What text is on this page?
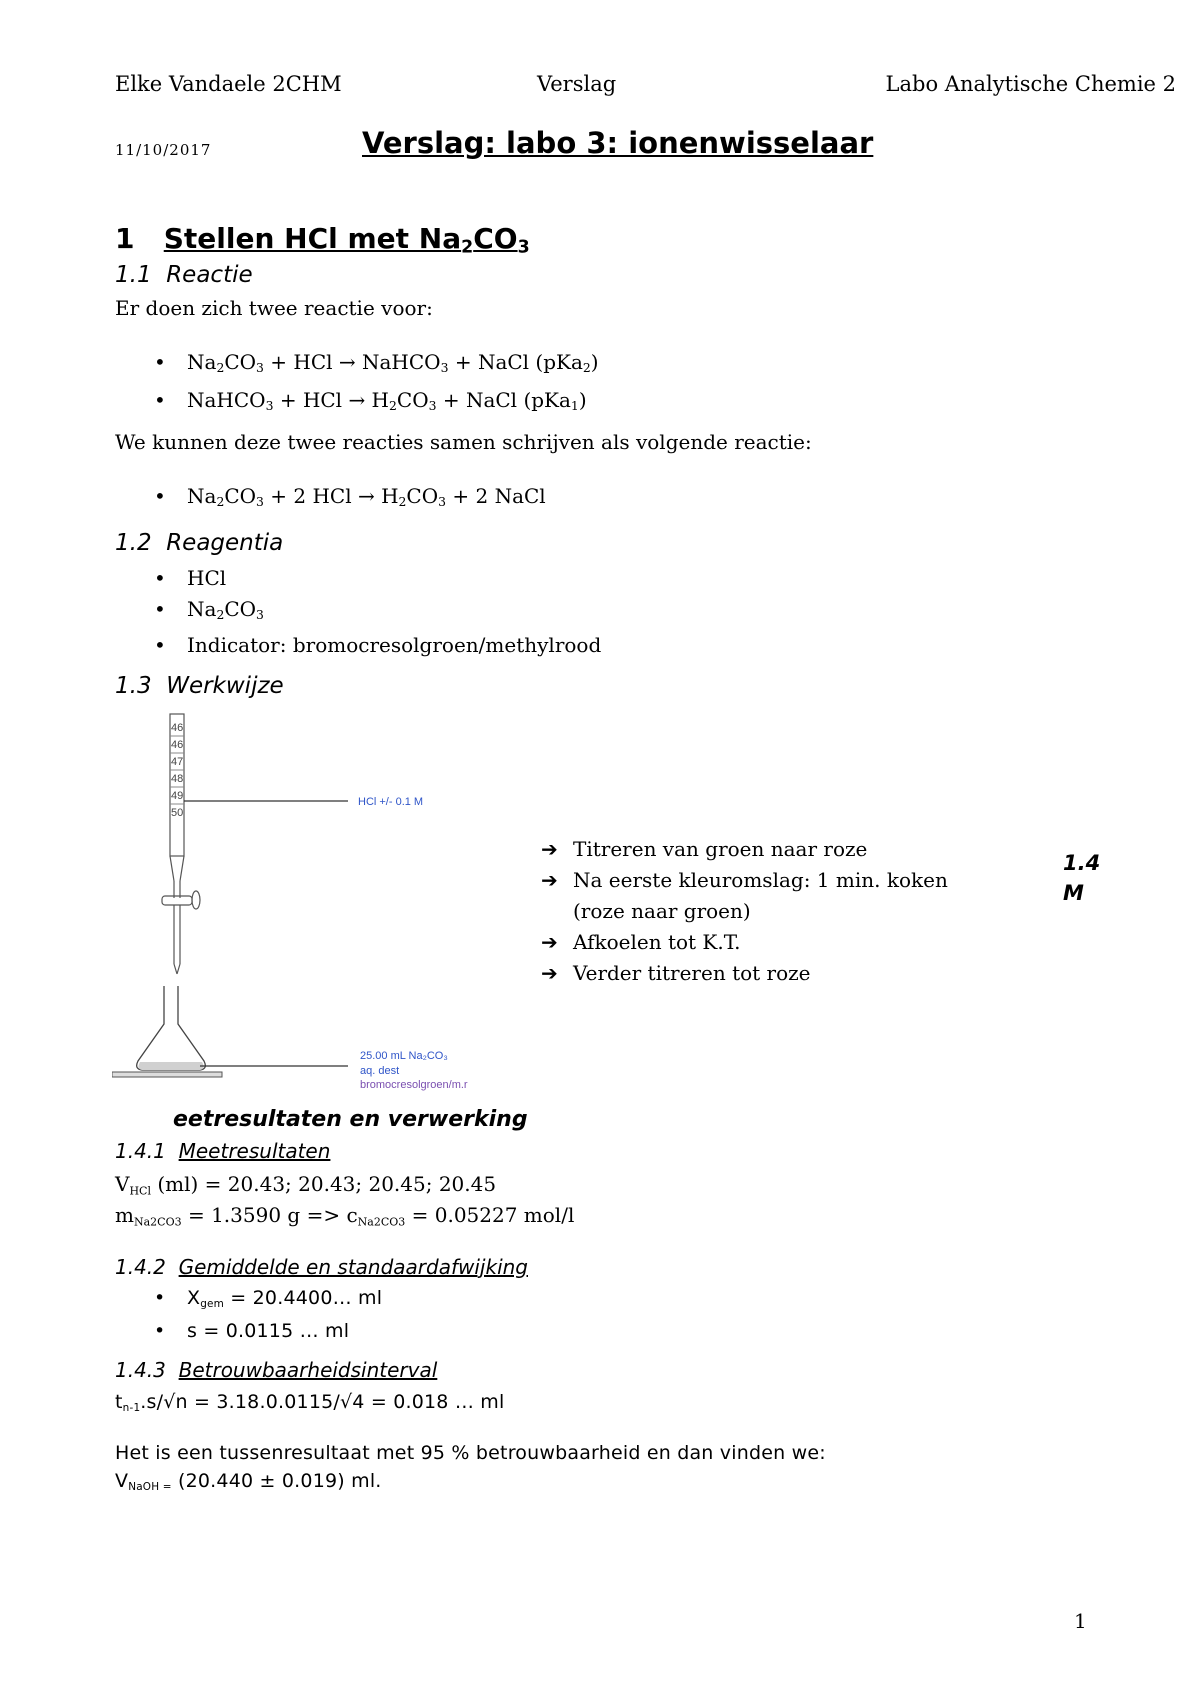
Elke Vandaele 2CHM	Verslag	Labo Analytische Chemie 2
11/10/2017	Verslag: labo 3: ionenwisselaar
1 Stellen HCl met $Na_2CO_3$
1.1 Reactie
Er doen zich twee reactie voor:
• $Na_2CO_3$ + HCl → NaHCO$_3$ + NaCl (pKa$_2$)
• NaHCO$_3$ + HCl → $H_2CO_3$ + NaCl (pKa$_1$)
We kunnen deze twee reacties samen schrijven als volgende reactie:
• $Na_2CO_3 + 2$ HCl → $H_2CO_3 + 2$ NaCl
1.2 Reagentia
• HCl
• $Na_2CO_3$
• Indicator: bromocresolgroen/methylrood
1.3 Werkwijze
46
46
47
48
49
50
HCl +/- 0.1 M
25.00 mL Na₂CO₃
aq. dest
bromocresolgroen/m.r
➔ Titreren van groen naar roze
➔ Na eerste kleuromslag: 1 min. koken
(roze naar groen)
➔ Afkoelen tot K.T.
➔ Verder titreren tot roze
1.4
M
eetresultaten en verwerking
1.4.1 Meetresultaten
$V_{HCl}$ (ml) = 20.43; 20.43; 20.45; 20.45
$m_{Na2CO3} = 1.3590$ $g => c_{Na2CO3} = 0.05227$ mol/l
1.4.2 Gemiddelde en standaardafwijking
• $X_{gem}$ = 20.4400… ml
• s = 0.0115 … ml
1.4.3 Betrouwbaarheidsinterval
$t_{n-1}.s/√n = 3.18.0.0115/√4 = 0.018$ … ml
Het is een tussenresultaat met 95 % betrouwbaarheid en dan vinden we:
$V_{NaOH =}$ (20.440 ± 0.019) ml.
1
